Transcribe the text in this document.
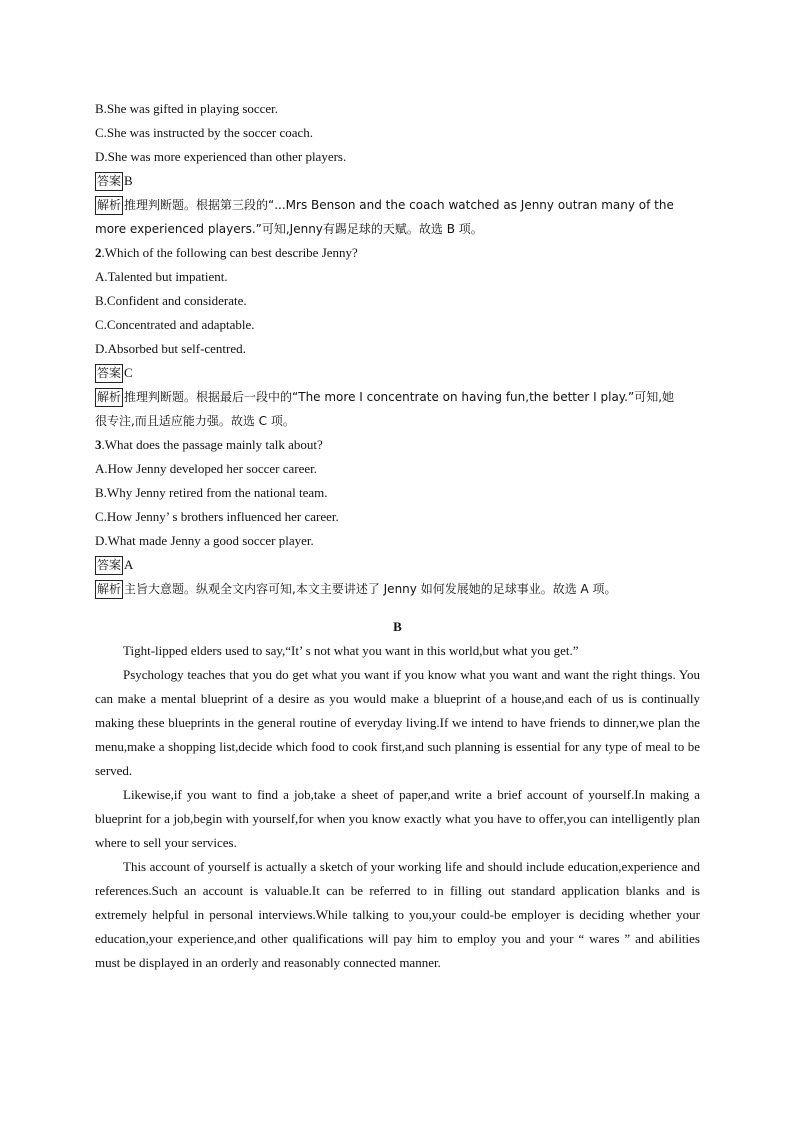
B.She was gifted in playing soccer.
C.She was instructed by the soccer coach.
D.She was more experienced than other players.
答案 B
解析 推理判断题。根据第三段的“...Mrs Benson and the coach watched as Jenny outran many of the
more experienced players.”可知,Jenny有踢足球的天赋。故选 B 项。
2.Which of the following can best describe Jenny?
A.Talented but impatient.
B.Confident and considerate.
C.Concentrated and adaptable.
D.Absorbed but self-centred.
答案 C
解析 推理判断题。根据最后一段中的“The more I concentrate on having fun,the better I play.”可知,她
很专注,而且适应能力强。故选 C 项。
3.What does the passage mainly talk about?
A.How Jenny developed her soccer career.
B.Why Jenny retired from the national team.
C.How Jenny’ s brothers influenced her career.
D.What made Jenny a good soccer player.
答案 A
解析 主旨大意题。纵观全文内容可知,本文主要讲述了 Jenny 如何发展她的足球事业。故选 A 项。
B

Tight-lipped elders used to say,“It’ s not what you want in this world,but what you get.”

Psychology teaches that you do get what you want if you know what you want and want the right things. You can make a mental blueprint of a desire as you would make a blueprint of a house,and each of us is continually making these blueprints in the general routine of everyday living.If we intend to have friends to dinner,we plan the menu,make a shopping list,decide which food to cook first,and such planning is essential for any type of meal to be served.

Likewise,if you want to find a job,take a sheet of paper,and write a brief account of yourself.In making a blueprint for a job,begin with yourself,for when you know exactly what you have to offer,you can intelligently plan where to sell your services.

This account of yourself is actually a sketch of your working life and should include education,experience and references.Such an account is valuable.It can be referred to in filling out standard application blanks and is extremely helpful in personal interviews.While talking to you,your could-be employer is deciding whether your education,your experience,and other qualifications will pay him to employ you and your “ wares ” and abilities must be displayed in an orderly and reasonably connected manner.
